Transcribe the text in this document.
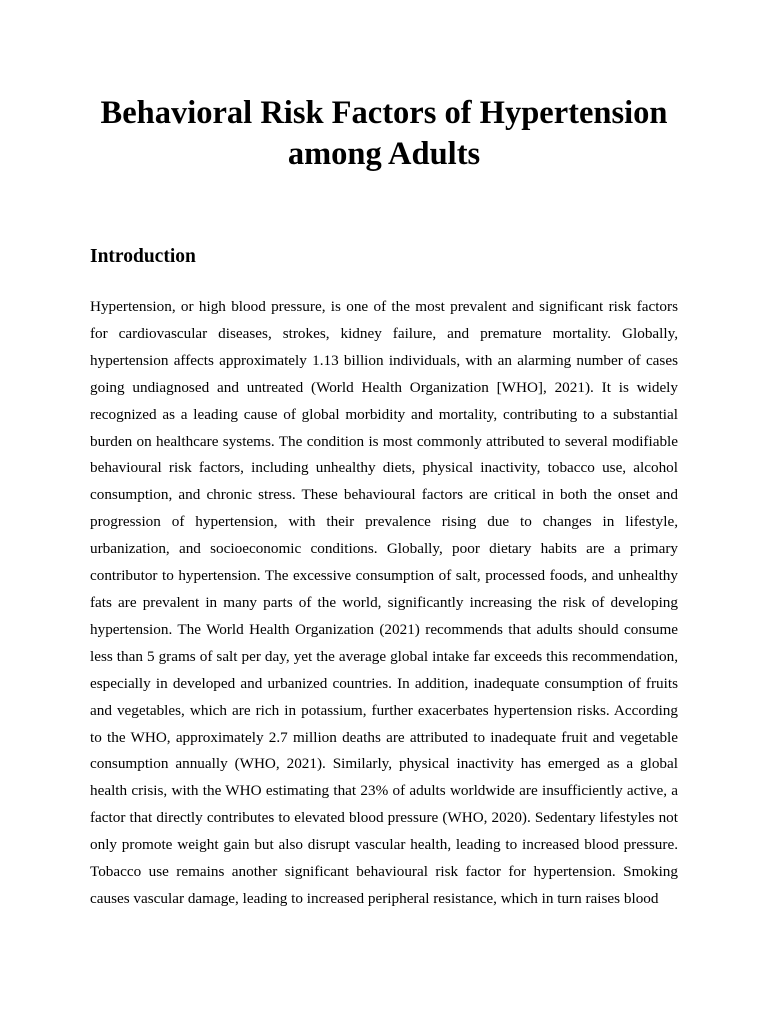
Behavioral Risk Factors of Hypertension
among Adults
Introduction

Hypertension, or high blood pressure, is one of the most prevalent and significant risk factors for cardiovascular diseases, strokes, kidney failure, and premature mortality. Globally, hypertension affects approximately 1.13 billion individuals, with an alarming number of cases going undiagnosed and untreated (World Health Organization [WHO], 2021). It is widely recognized as a leading cause of global morbidity and mortality, contributing to a substantial burden on healthcare systems. The condition is most commonly attributed to several modifiable behavioural risk factors, including unhealthy diets, physical inactivity, tobacco use, alcohol consumption, and chronic stress. These behavioural factors are critical in both the onset and progression of hypertension, with their prevalence rising due to changes in lifestyle, urbanization, and socioeconomic conditions. Globally, poor dietary habits are a primary contributor to hypertension. The excessive consumption of salt, processed foods, and unhealthy fats are prevalent in many parts of the world, significantly increasing the risk of developing hypertension. The World Health Organization (2021) recommends that adults should consume less than 5 grams of salt per day, yet the average global intake far exceeds this recommendation, especially in developed and urbanized countries. In addition, inadequate consumption of fruits and vegetables, which are rich in potassium, further exacerbates hypertension risks. According to the WHO, approximately 2.7 million deaths are attributed to inadequate fruit and vegetable consumption annually (WHO, 2021). Similarly, physical inactivity has emerged as a global health crisis, with the WHO estimating that 23% of adults worldwide are insufficiently active, a factor that directly contributes to elevated blood pressure (WHO, 2020). Sedentary lifestyles not only promote weight gain but also disrupt vascular health, leading to increased blood pressure. Tobacco use remains another significant behavioural risk factor for hypertension. Smoking causes vascular damage, leading to increased peripheral resistance, which in turn raises blood
